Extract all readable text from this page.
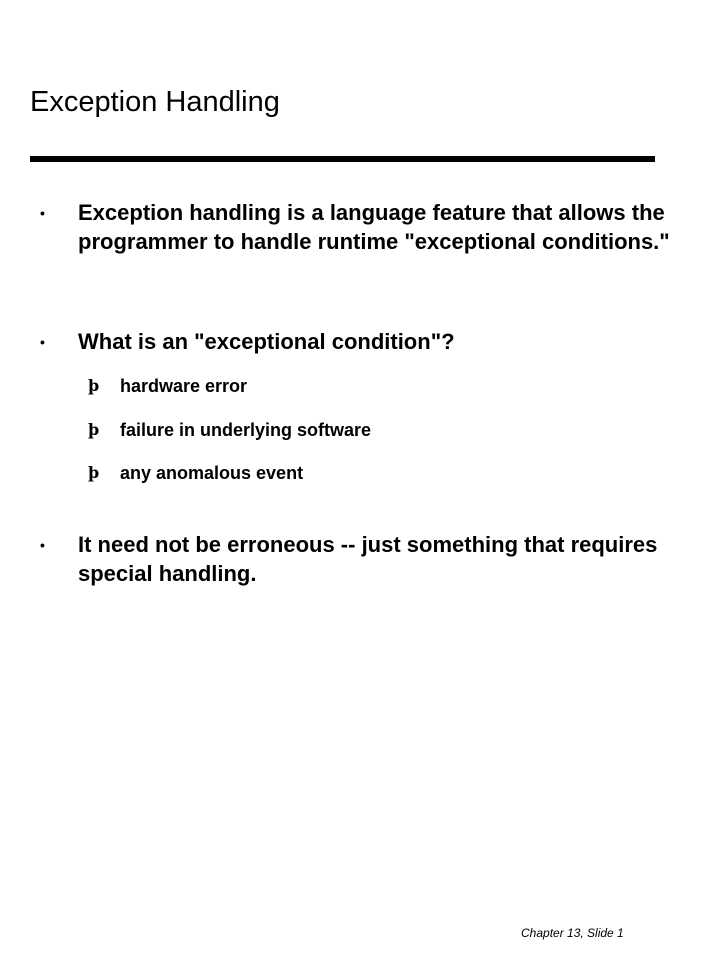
Exception Handling
• Exception handling is a language feature that allows the programmer to handle runtime "exceptional conditions."
• What is an "exceptional condition"?
þ hardware error
þ failure in underlying software
þ any anomalous event
• It need not be erroneous -- just something that requires special handling.
Chapter 13, Slide 1
